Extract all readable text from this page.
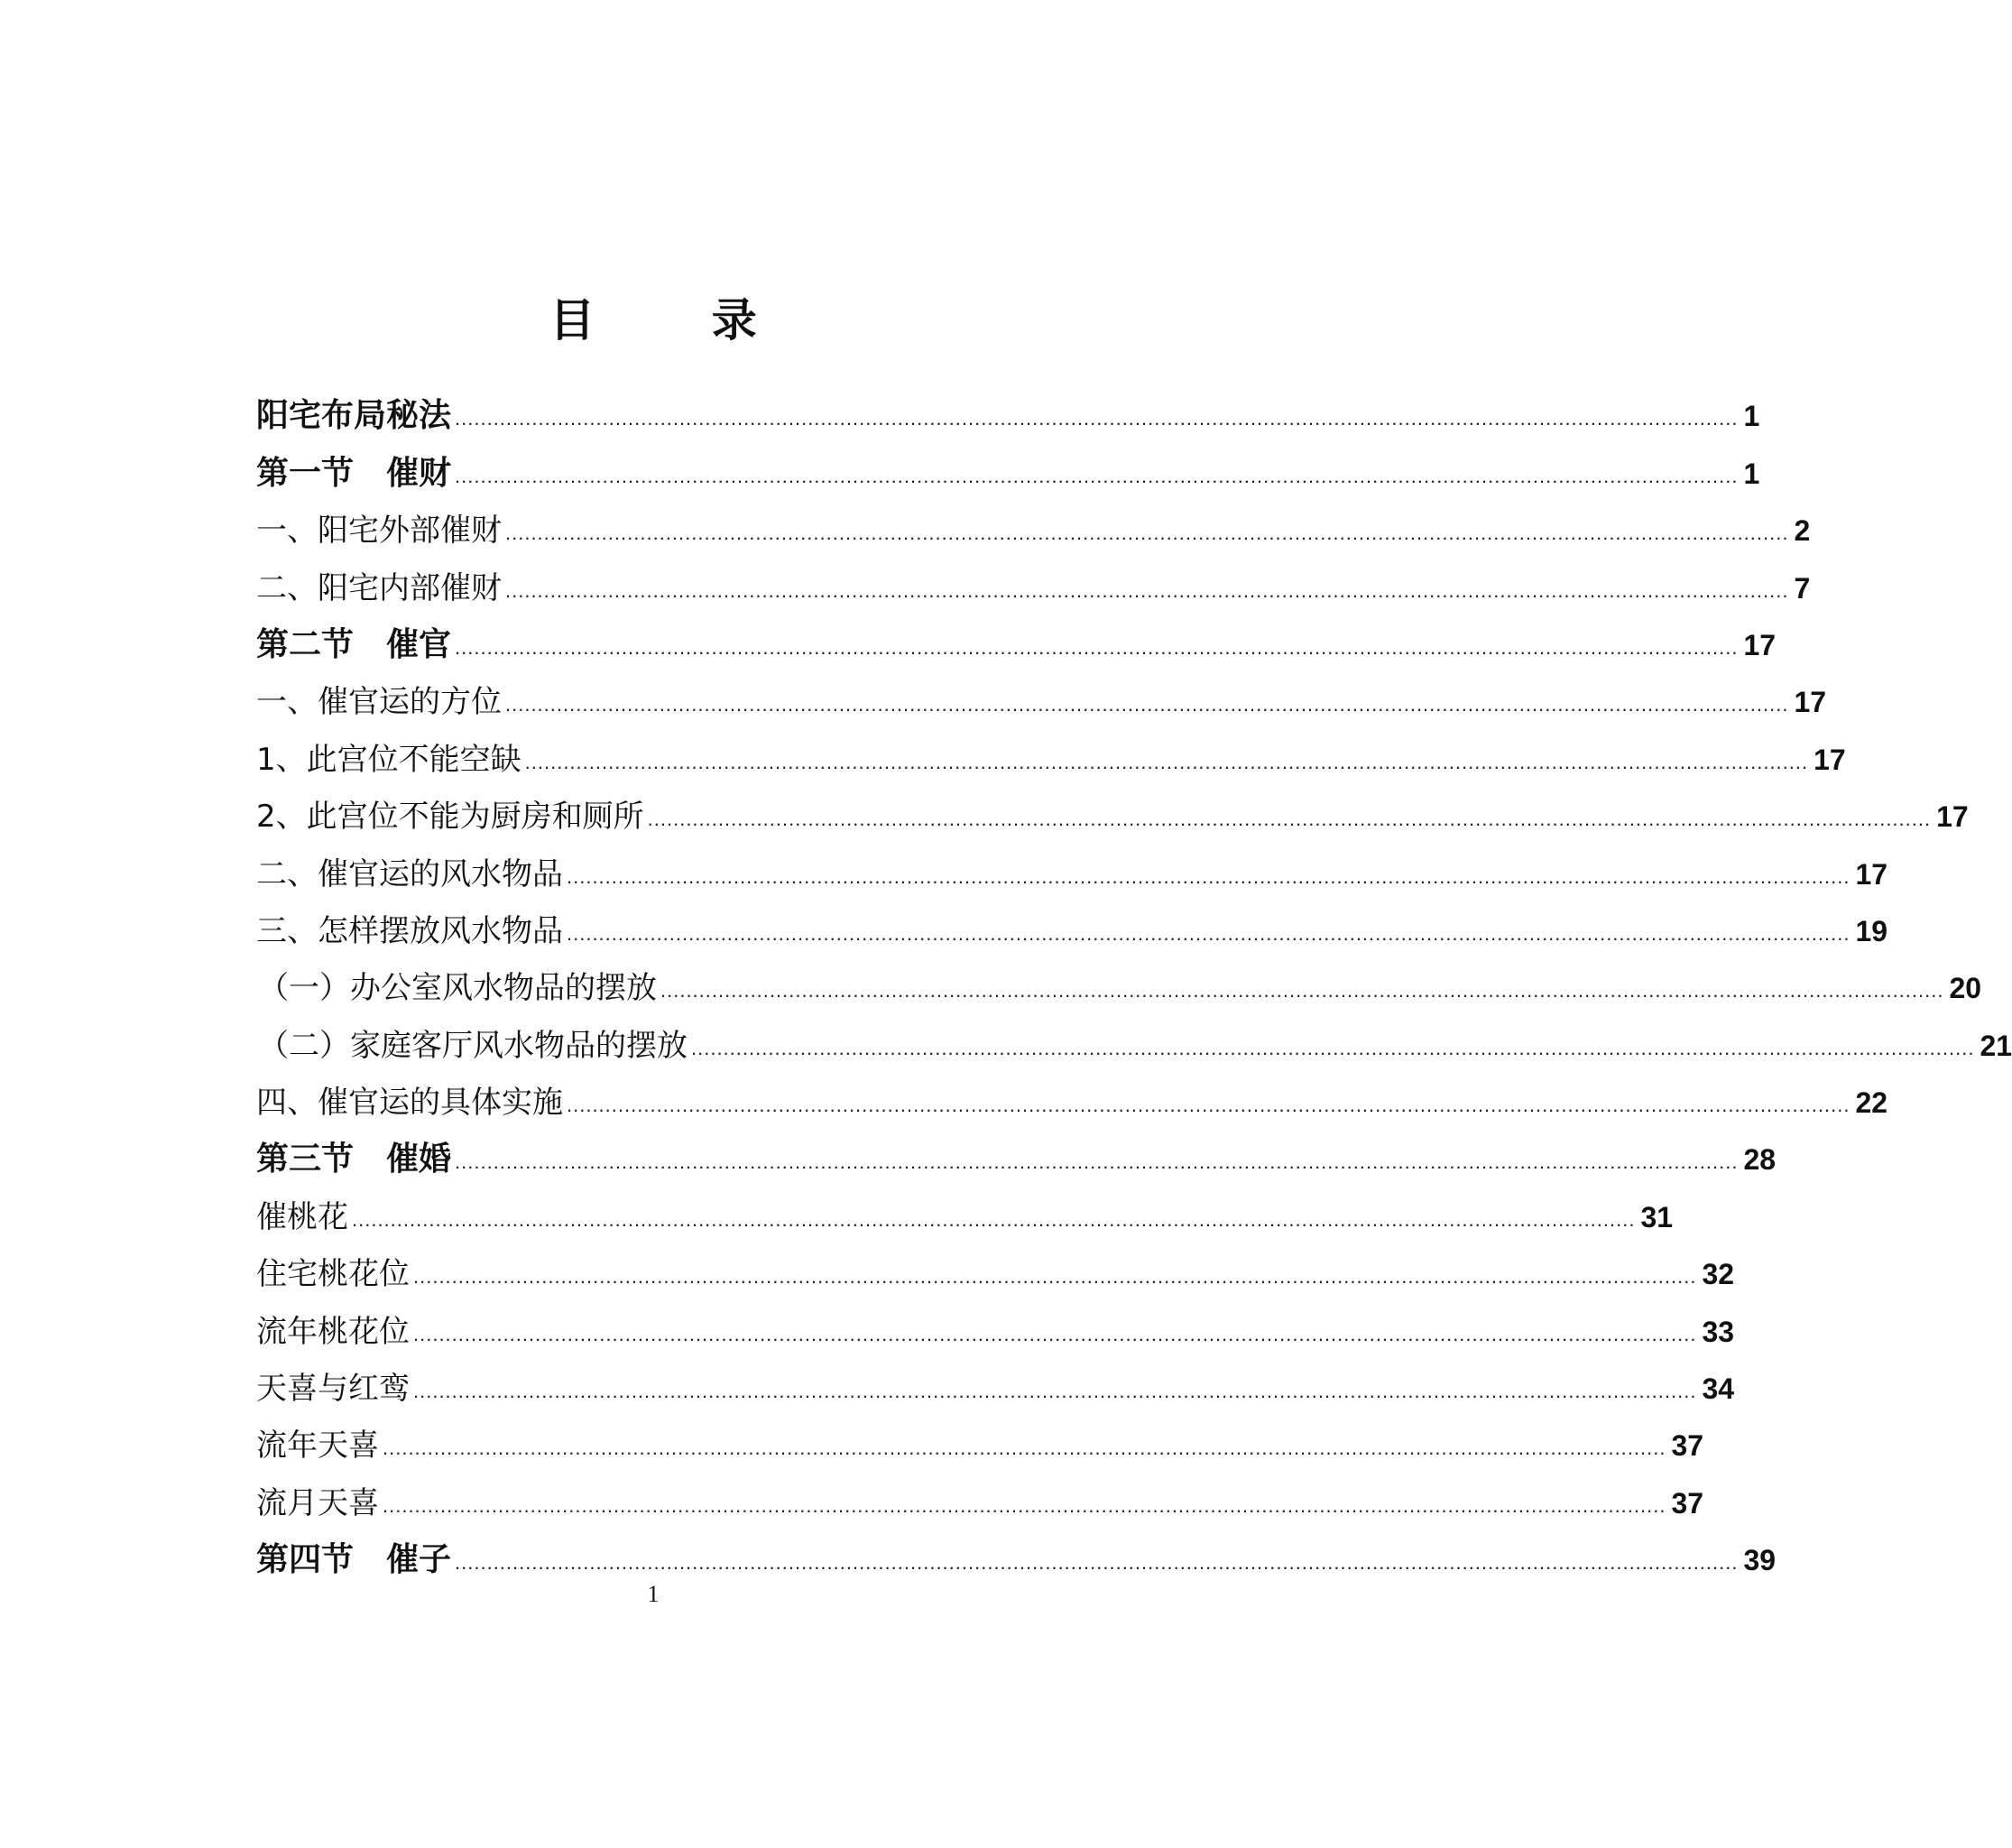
目 录
阳宅布局秘法 ........................................................................................................................................................................................................ 1
第一节　催财 ........................................................................................................................................................................................................ 1
一、阳宅外部催财 ........................................................................................................................................................................................................ 2
二、阳宅内部催财 ........................................................................................................................................................................................................ 7
第二节　催官 ........................................................................................................................................................................................................ 17
一、催官运的方位 ........................................................................................................................................................................................................ 17
1、此宫位不能空缺 ........................................................................................................................................................................................................ 17
2、此宫位不能为厨房和厕所 ........................................................................................................................................................................................................ 17
二、催官运的风水物品 ........................................................................................................................................................................................................ 17
三、怎样摆放风水物品 ........................................................................................................................................................................................................ 19
（一）办公室风水物品的摆放 ........................................................................................................................................................................................................ 20
（二）家庭客厅风水物品的摆放 ........................................................................................................................................................................................................ 21
四、催官运的具体实施 ........................................................................................................................................................................................................ 22
第三节　催婚 ........................................................................................................................................................................................................ 28
催桃花 ........................................................................................................................................................................................................ 31
住宅桃花位 ........................................................................................................................................................................................................ 32
流年桃花位 ........................................................................................................................................................................................................ 33
天喜与红鸾 ........................................................................................................................................................................................................ 34
流年天喜 ........................................................................................................................................................................................................ 37
流月天喜 ........................................................................................................................................................................................................ 37
第四节　催子 ........................................................................................................................................................................................................ 39
1
